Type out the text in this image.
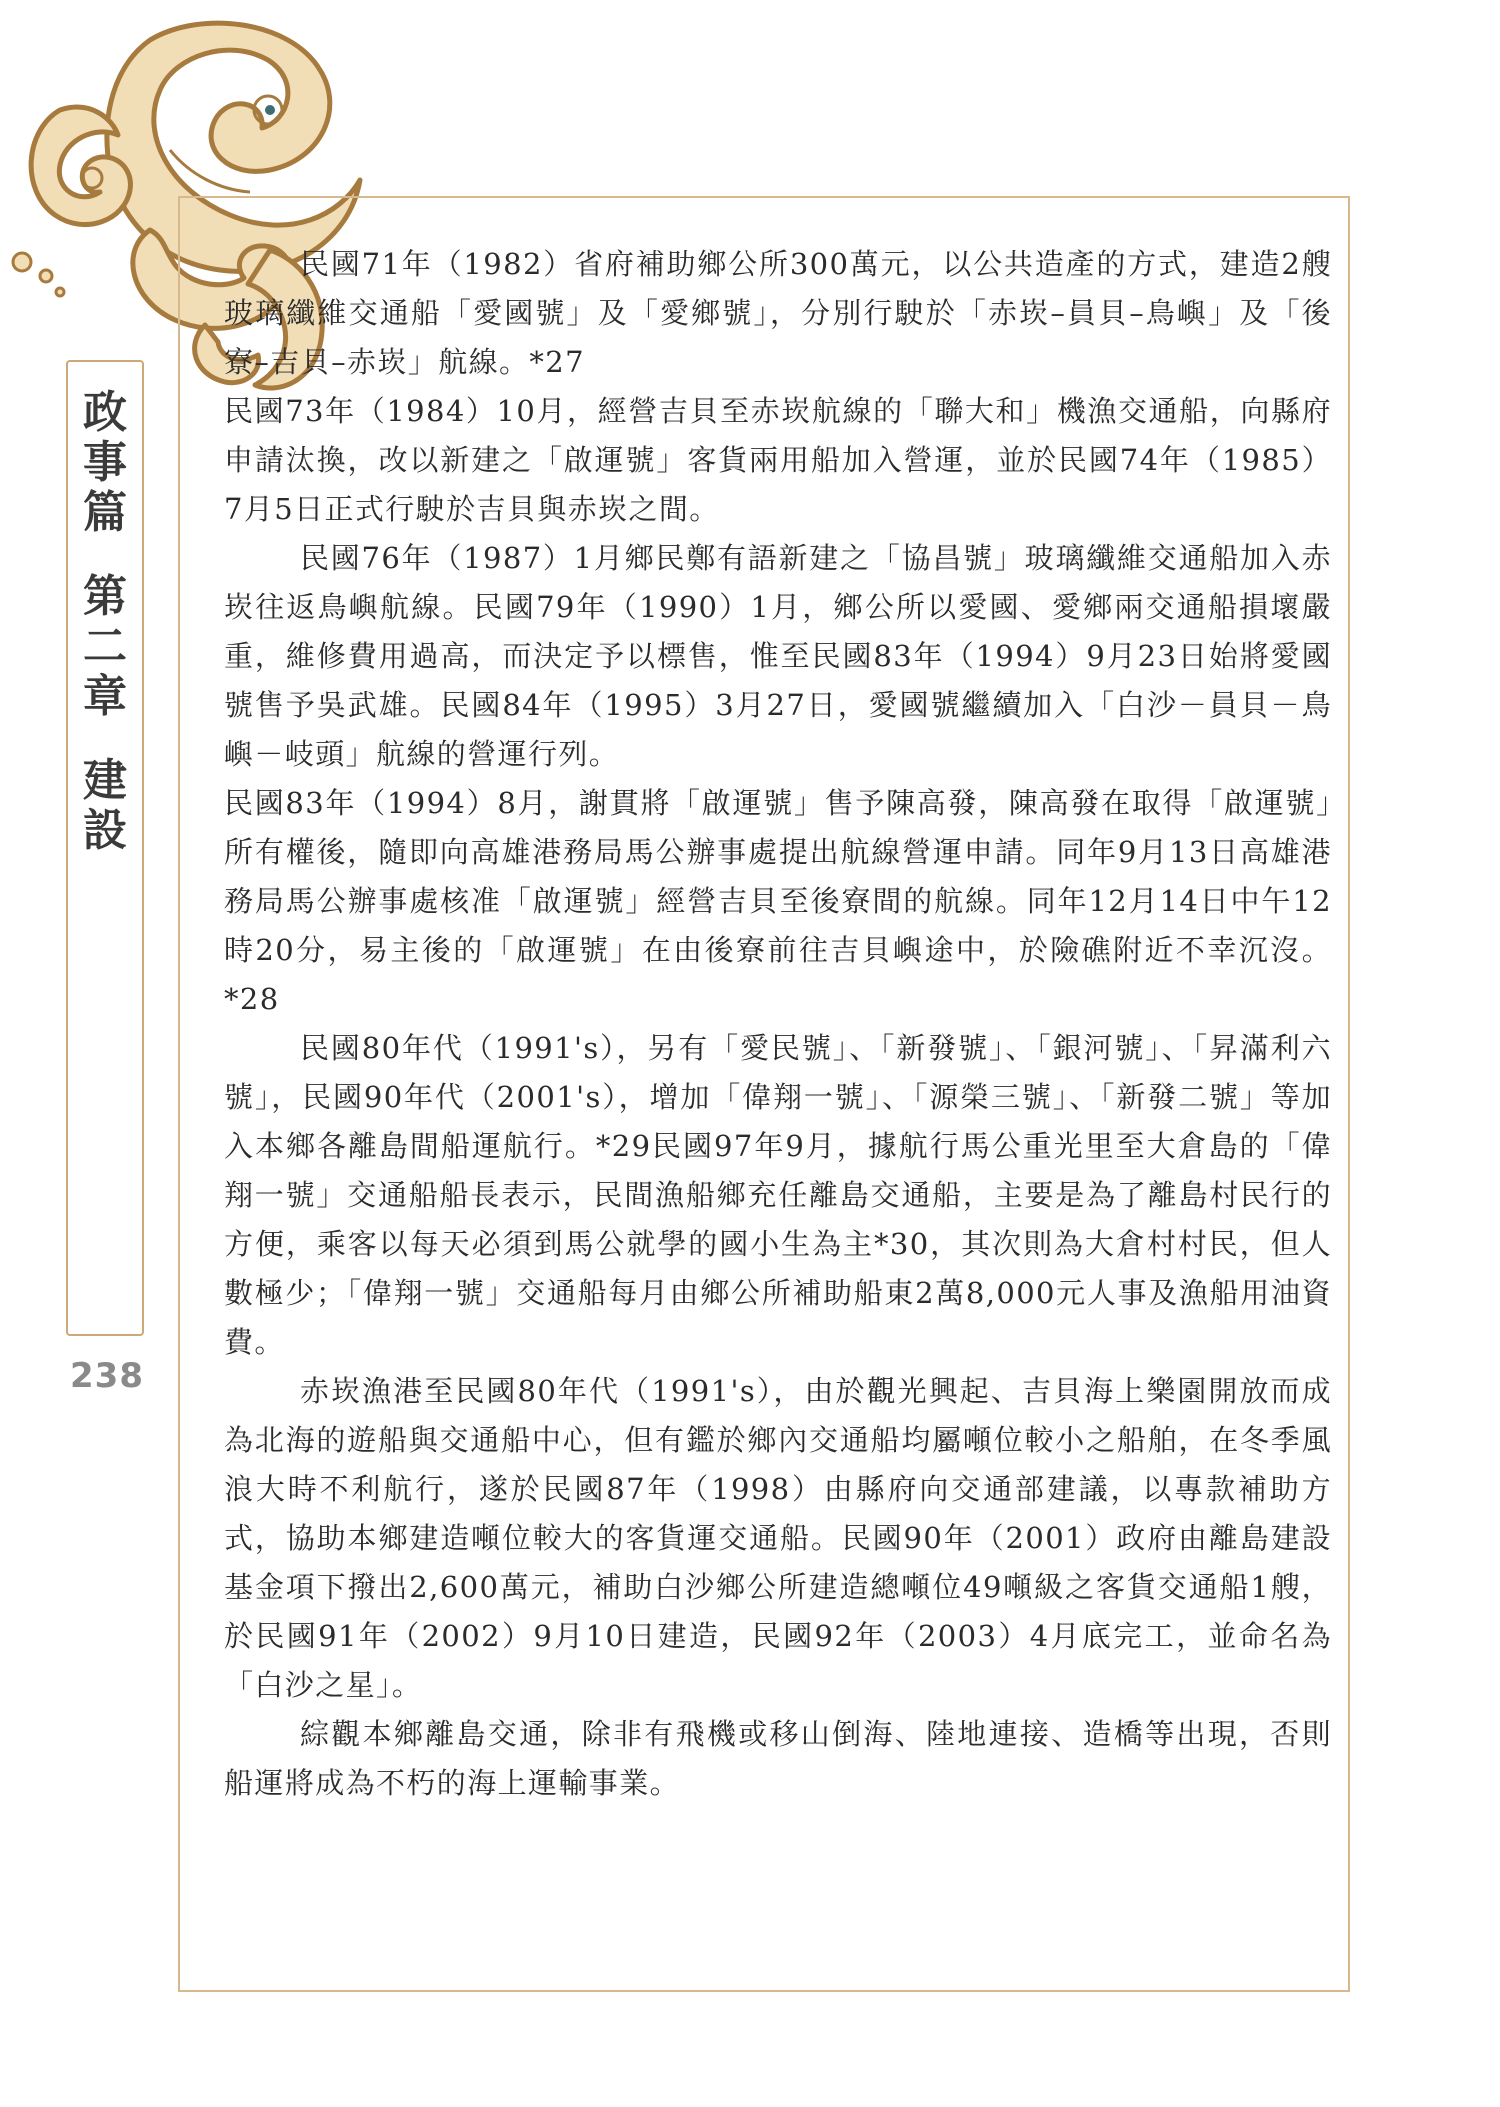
政
事
篇
第
二
章
建
設
238

民國71年（1982）省府補助鄉公所300萬元，以公共造產的方式，建造2艘玻璃纖維交通船「愛國號」及「愛鄉號」，分別行駛於「赤崁–員貝–鳥嶼」及「後寮–吉貝–赤崁」航線。*27

民國73年（1984）10月，經營吉貝至赤崁航線的「聯大和」機漁交通船，向縣府申請汰換，改以新建之「啟運號」客貨兩用船加入營運，並於民國74年（1985）7月5日正式行駛於吉貝與赤崁之間。

民國76年（1987）1月鄉民鄭有語新建之「協昌號」玻璃纖維交通船加入赤崁往返鳥嶼航線。民國79年（1990）1月，鄉公所以愛國、愛鄉兩交通船損壞嚴重，維修費用過高，而決定予以標售，惟至民國83年（1994）9月23日始將愛國號售予吳武雄。民國84年（1995）3月27日，愛國號繼續加入「白沙－員貝－鳥嶼－岐頭」航線的營運行列。

民國83年（1994）8月，謝貫將「啟運號」售予陳高發，陳高發在取得「啟運號」所有權後，隨即向高雄港務局馬公辦事處提出航線營運申請。同年9月13日高雄港務局馬公辦事處核准「啟運號」經營吉貝至後寮間的航線。同年12月14日中午12時20分，易主後的「啟運號」在由後寮前往吉貝嶼途中，於險礁附近不幸沉沒。*28

民國80年代（1991's），另有「愛民號」、「新發號」、「銀河號」、「昇滿利六號」，民國90年代（2001's），增加「偉翔一號」、「源榮三號」、「新發二號」等加入本鄉各離島間船運航行。*29民國97年9月，據航行馬公重光里至大倉島的「偉翔一號」交通船船長表示，民間漁船鄉充任離島交通船，主要是為了離島村民行的方便，乘客以每天必須到馬公就學的國小生為主*30，其次則為大倉村村民，但人數極少；「偉翔一號」交通船每月由鄉公所補助船東2萬8,000元人事及漁船用油資費。

赤崁漁港至民國80年代（1991's），由於觀光興起、吉貝海上樂園開放而成為北海的遊船與交通船中心，但有鑑於鄉內交通船均屬噸位較小之船舶，在冬季風浪大時不利航行，遂於民國87年（1998）由縣府向交通部建議，以專款補助方式，協助本鄉建造噸位較大的客貨運交通船。民國90年（2001）政府由離島建設基金項下撥出2,600萬元，補助白沙鄉公所建造總噸位49噸級之客貨交通船1艘，於民國91年（2002）9月10日建造，民國92年（2003）4月底完工，並命名為「白沙之星」。

綜觀本鄉離島交通，除非有飛機或移山倒海、陸地連接、造橋等出現，否則船運將成為不朽的海上運輸事業。
